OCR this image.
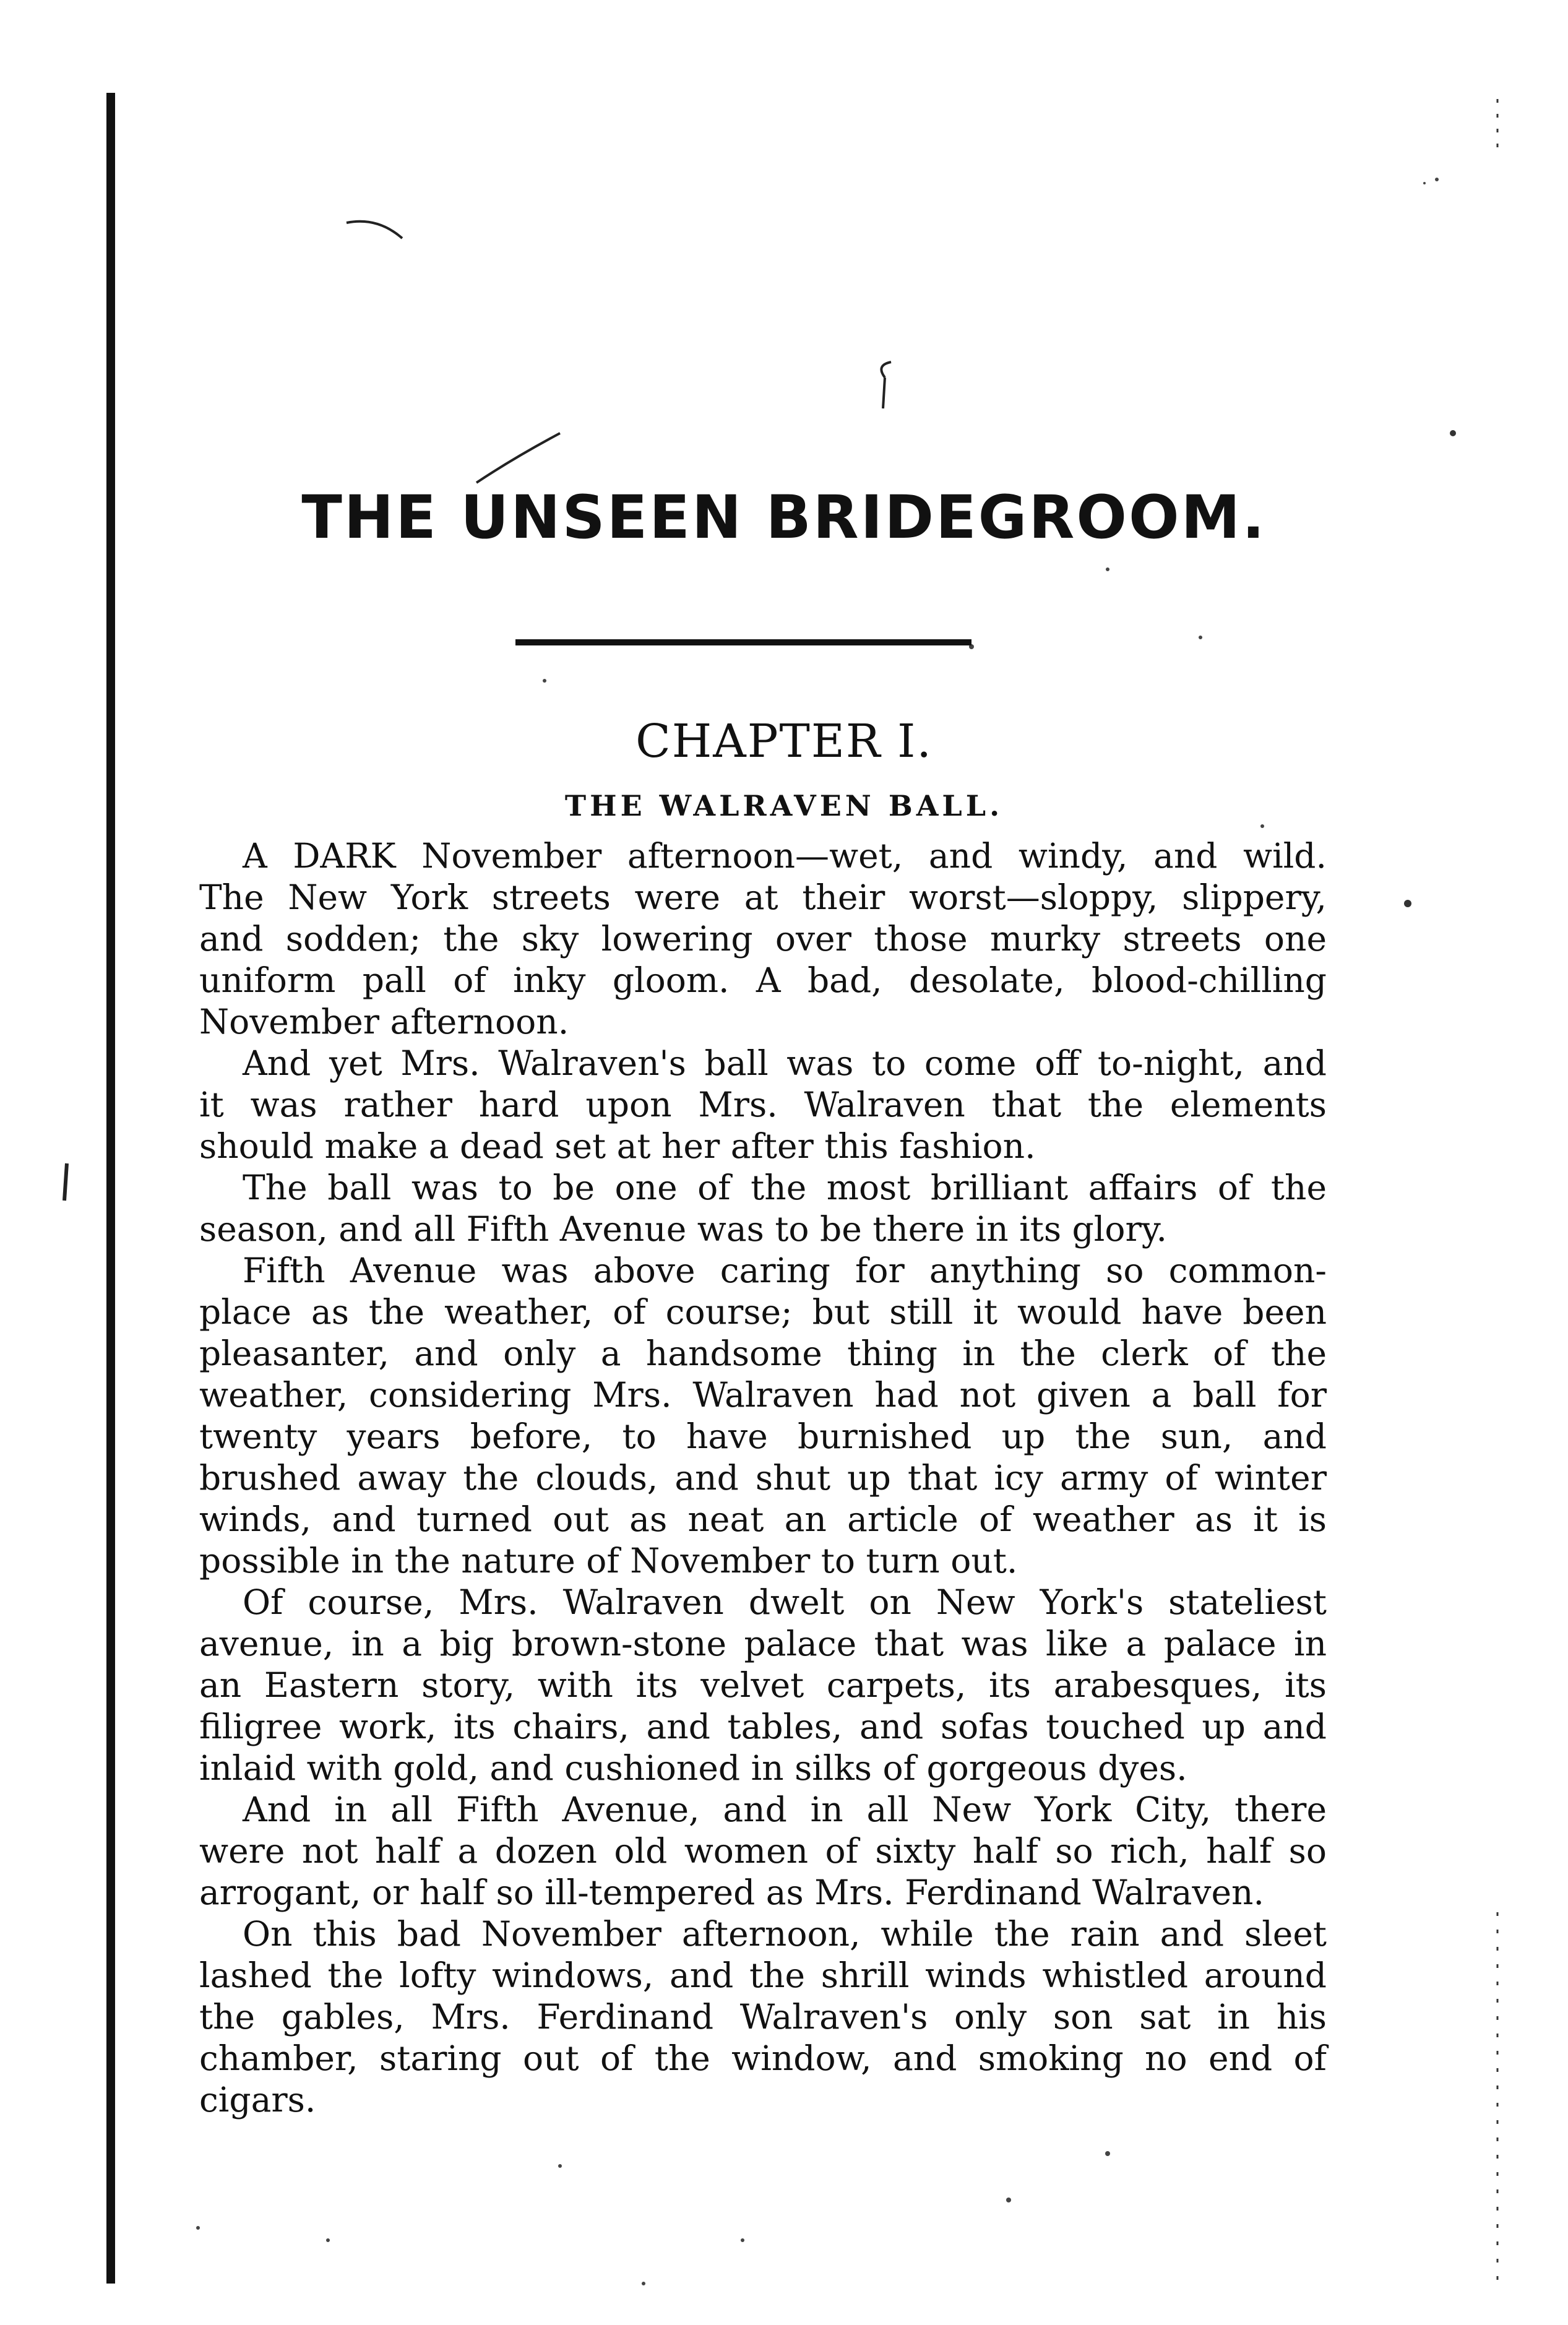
THE UNSEEN BRIDEGROOM.
CHAPTER I.
THE WALRAVEN BALL.
A DARK November afternoon—wet, and windy, and wild.
The New York streets were at their worst—sloppy, slippery,
and sodden; the sky lowering over those murky streets one
uniform pall of inky gloom. A bad, desolate, blood-chilling
November afternoon.
And yet Mrs. Walraven's ball was to come off to-night, and
it was rather hard upon Mrs. Walraven that the elements
should make a dead set at her after this fashion.
The ball was to be one of the most brilliant affairs of the
season, and all Fifth Avenue was to be there in its glory.
Fifth Avenue was above caring for anything so common-
place as the weather, of course; but still it would have been
pleasanter, and only a handsome thing in the clerk of the
weather, considering Mrs. Walraven had not given a ball for
twenty years before, to have burnished up the sun, and
brushed away the clouds, and shut up that icy army of winter
winds, and turned out as neat an article of weather as it is
possible in the nature of November to turn out.
Of course, Mrs. Walraven dwelt on New York's stateliest
avenue, in a big brown-stone palace that was like a palace in
an Eastern story, with its velvet carpets, its arabesques, its
filigree work, its chairs, and tables, and sofas touched up and
inlaid with gold, and cushioned in silks of gorgeous dyes.
And in all Fifth Avenue, and in all New York City, there
were not half a dozen old women of sixty half so rich, half so
arrogant, or half so ill-tempered as Mrs. Ferdinand Walraven.
On this bad November afternoon, while the rain and sleet
lashed the lofty windows, and the shrill winds whistled around
the gables, Mrs. Ferdinand Walraven's only son sat in his
chamber, staring out of the window, and smoking no end of
cigars.
